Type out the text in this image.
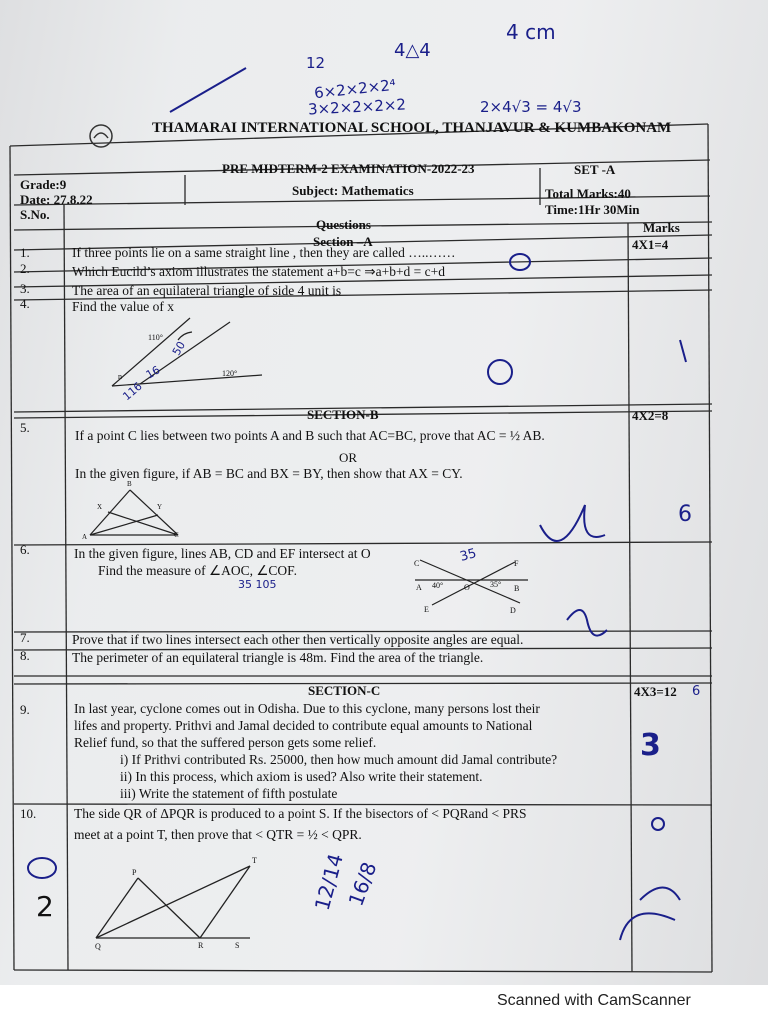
THAMARAI INTERNATIONAL SCHOOL, THANJAVUR & KUMBAKONAM
PRE MIDTERM-2 EXAMINATION-2022-23	SET -A
Grade:9
Date: 27.8.22
Subject: Mathematics	Total Marks:40
Time:1Hr 30Min
S.No.
Questions	Marks
Section –A	4X1=4
1.	If three points lie on a same straight line , then they are called …..……
2.	Which Eucild’s axiom illustrates the statement a+b=c ⇒a+b+d = c+d
3.	The area of an equilateral triangle of side 4 unit is
4.	Find the value of x
110°
n	120°
SECTION-B	4X2=8
5.
If a point C lies between two points A and B such that AC=BC, prove that AC = ½ AB.
OR
In the given figure, if AB = BC and BX = BY, then show that AX = CY.
B
X	Y
A	C
6.	In the given figure, lines AB, CD and EF intersect at O
Find the measure of ∠AOC, ∠COF.	C	F
A 40°	O	35° B
E	D
7.	Prove that if two lines intersect each other then vertically opposite angles are equal.
8.	The perimeter of an equilateral triangle is 48m. Find the area of the triangle.
SECTION-C	4X3=12
9.	In last year, cyclone comes out in Odisha. Due to this cyclone, many persons lost their
lifes and property. Prithvi and Jamal decided to contribute equal amounts to National
Relief fund, so that the suffered person gets some relief.
i) If Prithvi contributed Rs. 25000, then how much amount did Jamal contribute?
ii) In this process, which axiom is used? Also write their statement.
iii) Write the statement of fifth postulate
10.	The side QR of ΔPQR is produced to a point S. If the bisectors of < PQRand < PRS
meet at a point T, then prove that < QTR = ½ < QPR.
P
T
Q	R	S
4 cm
12
4△4
6×2×2×2⁴
3×2×2×2×2	2×4√3 = 4√3
50
16
116
35 105
35
3
6
6
2	16/8
12/14
Scanned with CamScanner
